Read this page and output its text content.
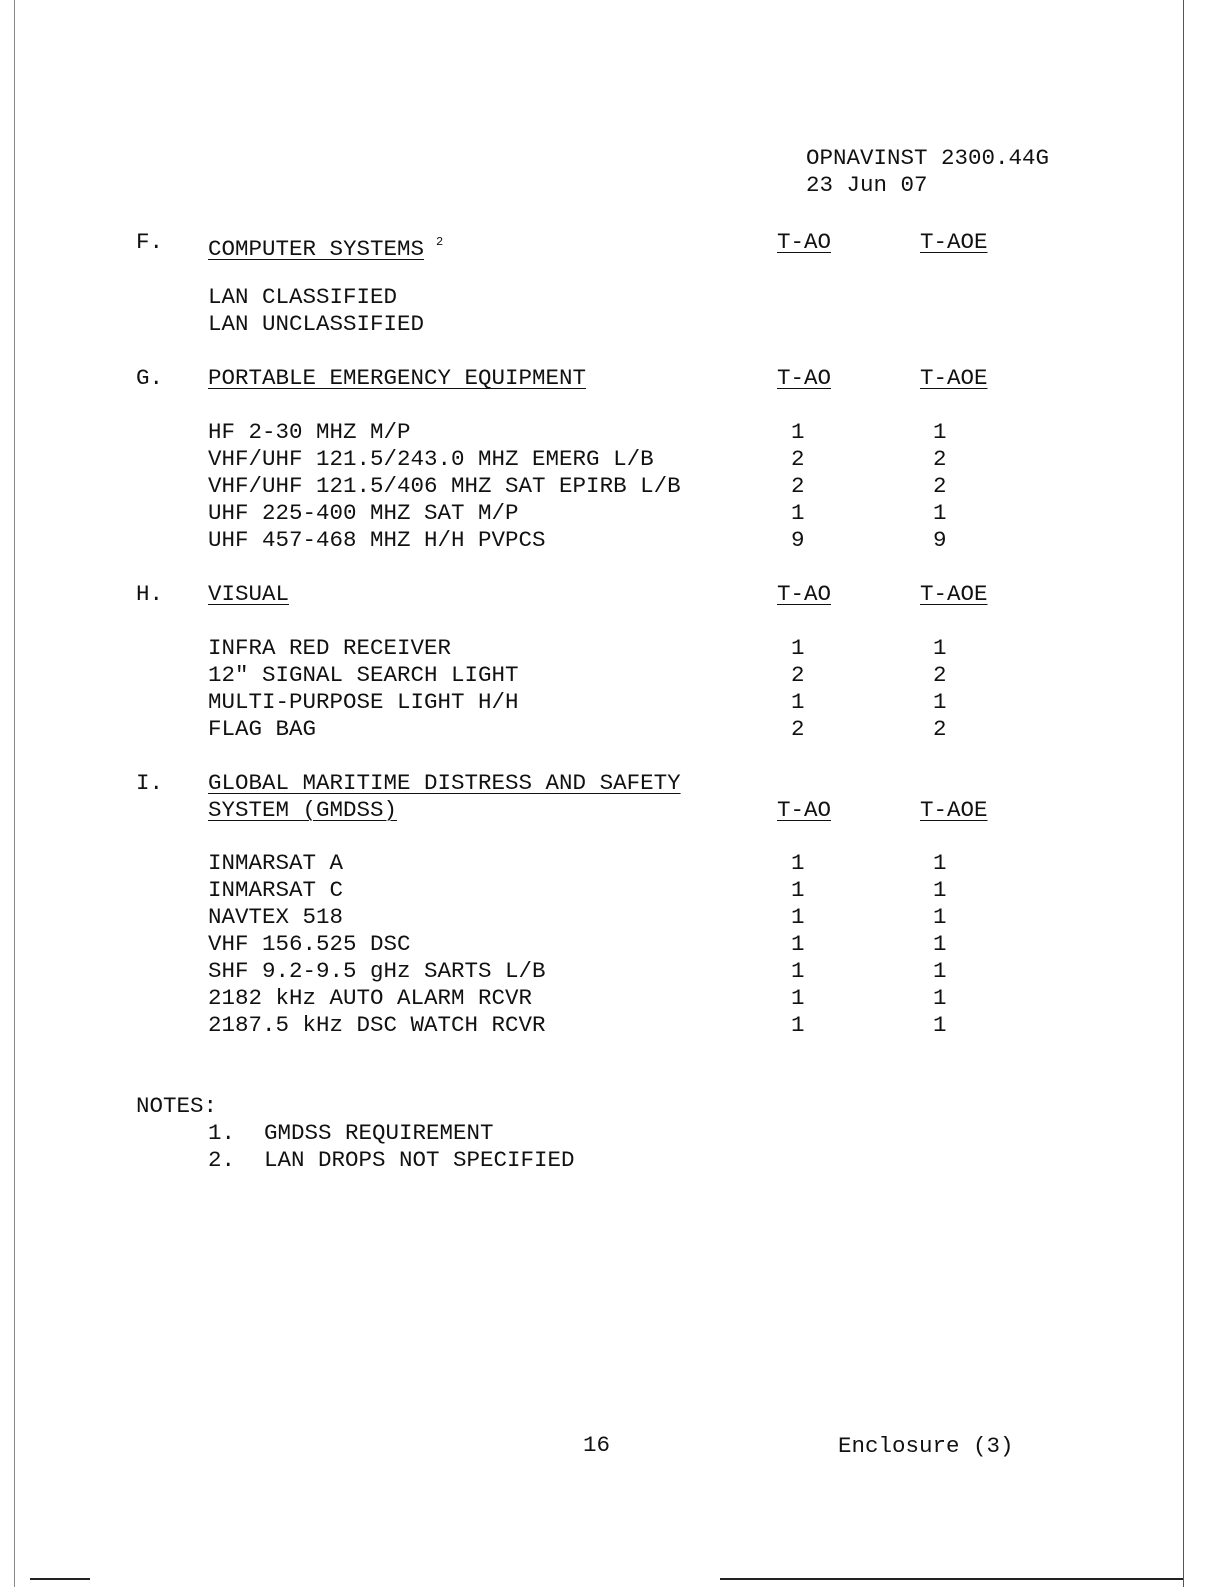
OPNAVINST 2300.44G
23 Jun 07
F. COMPUTER SYSTEMS $^2$	T-AO	T-AOE
LAN CLASSIFIED
LAN UNCLASSIFIED
G. PORTABLE EMERGENCY EQUIPMENT	T-AO	T-AOE
HF 2-30 MHZ M/P	1	1
VHF/UHF 121.5/243.0 MHZ EMERG L/B	2	2
VHF/UHF 121.5/406 MHZ SAT EPIRB L/B	2	2
UHF 225-400 MHZ SAT M/P	1	1
UHF 457-468 MHZ H/H PVPCS	9	9
H. VISUAL	T-AO	T-AOE
INFRA RED RECEIVER	1	1
12″ SIGNAL SEARCH LIGHT	2	2
MULTI-PURPOSE LIGHT H/H	1	1
FLAG BAG	2	2
I. GLOBAL MARITIME DISTRESS AND SAFETY
SYSTEM (GMDSS)	T-AO	T-AOE
INMARSAT A	1	1
INMARSAT C	1	1
NAVTEX 518	1	1
VHF 156.525 DSC	1	1
SHF 9.2-9.5 gHz SARTS L/B	1	1
2182 kHz AUTO ALARM RCVR	1	1
2187.5 kHz DSC WATCH RCVR	1	1
NOTES:
1. GMDSS REQUIREMENT
2. LAN DROPS NOT SPECIFIED
16	Enclosure (3)
